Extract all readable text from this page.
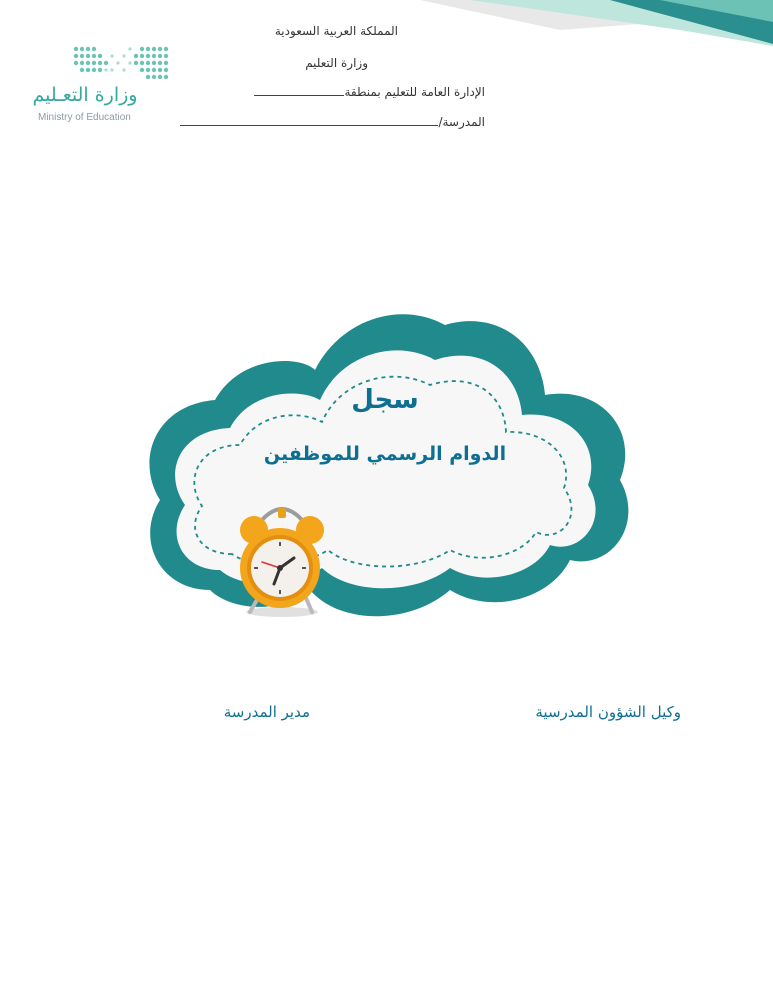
وزارة التعـليم
Ministry of Education
المملكة العربية السعودية
وزارة التعليم
الإدارة العامة للتعليم بمنطقة
المدرسة/
سجل
الدوام الرسمي للموظفين
وكيل الشؤون المدرسية
مدير المدرسة
